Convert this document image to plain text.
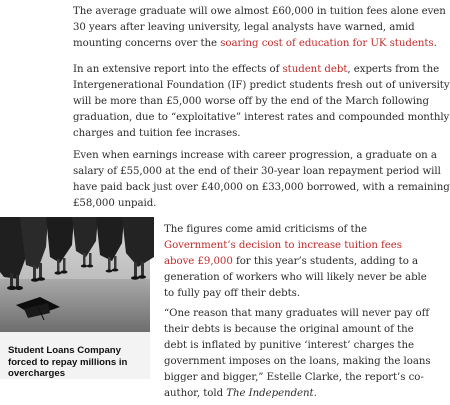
The average graduate will owe almost £60,000 in tuition fees alone even
30 years after leaving university, legal analysts have warned, amid
mounting concerns over the soaring cost of education for UK students.

In an extensive report into the effects of student debt, experts from the
Intergenerational Foundation (IF) predict students fresh out of university
will be more than £5,000 worse off by the end of the March following
graduation, due to “exploitative” interest rates and compounded monthly
charges and tuition fee incrases.

Even when earnings increase with career progression, a graduate on a
salary of £55,000 at the end of their 30-year loan repayment period will
have paid back just over £40,000 on £33,000 borrowed, with a remaining
£58,000 unpaid.

Student Loans Company
forced to repay millions in
overcharges

The figures come amid criticisms of the
Government’s decision to increase tuition fees
above £9,000 for this year’s students, adding to a
generation of workers who will likely never be able
to fully pay off their debts.

“One reason that many graduates will never pay off
their debts is because the original amount of the
debt is inflated by punitive ‘interest’ charges the
government imposes on the loans, making the loans
bigger and bigger,” Estelle Clarke, the report’s co-
author, told The Independent.
